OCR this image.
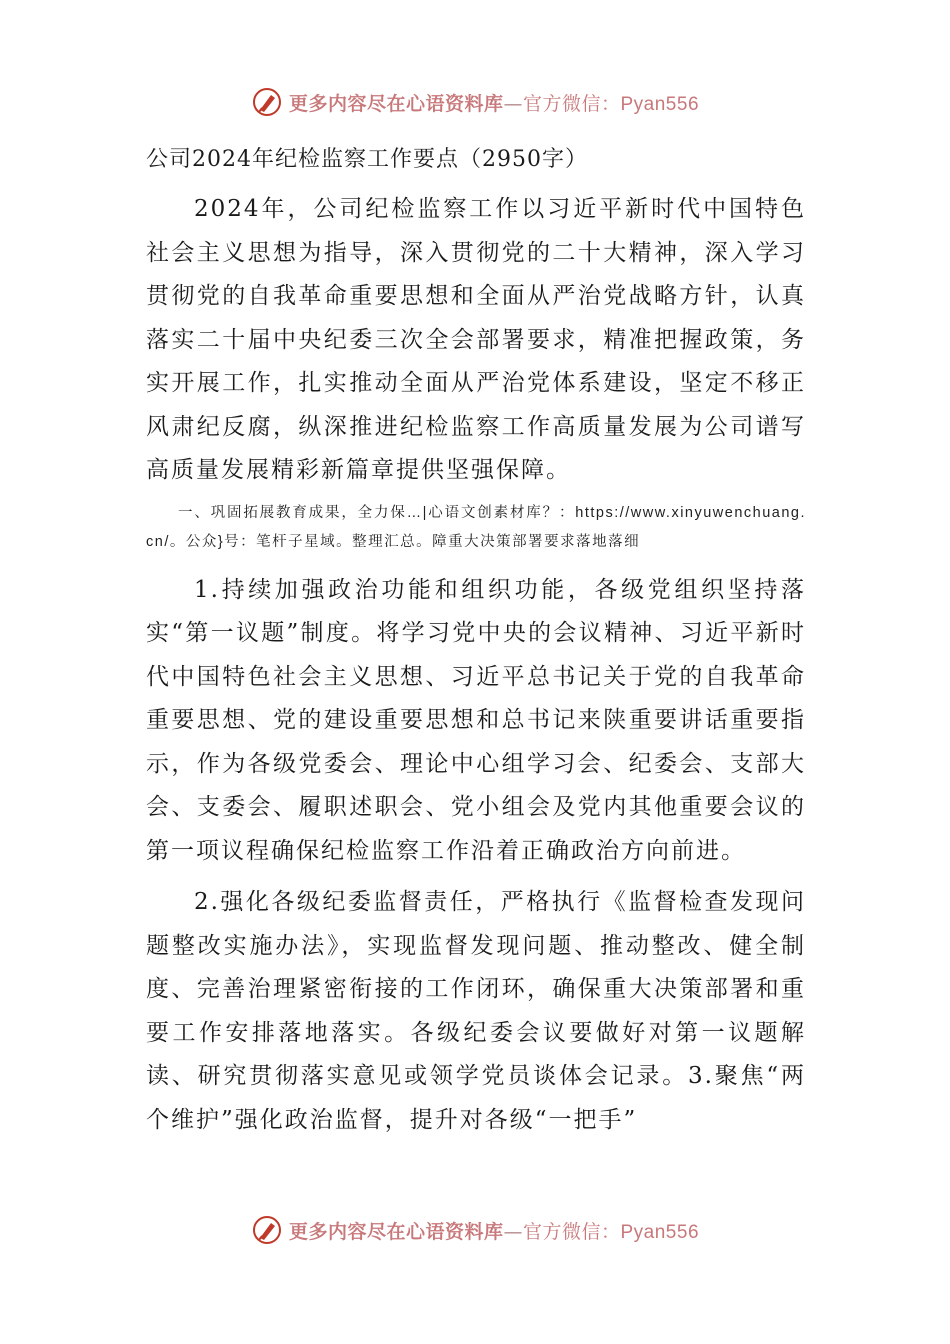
更多内容尽在心语资料库—官方微信：Pyan556
公司2024年纪检监察工作要点（2950字）

2024年，公司纪检监察工作以习近平新时代中国特色社会主义思想为指导，深入贯彻党的二十大精神，深入学习贯彻党的自我革命重要思想和全面从严治党战略方针，认真落实二十届中央纪委三次全会部署要求，精准把握政策，务实开展工作，扎实推动全面从严治党体系建设，坚定不移正风肃纪反腐，纵深推进纪检监察工作高质量发展为公司谱写高质量发展精彩新篇章提供坚强保障。

一、巩固拓展教育成果，全力保…|心语文创素材库？：https://www.xinyuwenchuang.cn/。公众}号：笔杆子星域。整理汇总。障重大决策部署要求落地落细

1.持续加强政治功能和组织功能，各级党组织坚持落实“第一议题”制度。将学习党中央的会议精神、习近平新时代中国特色社会主义思想、习近平总书记关于党的自我革命重要思想、党的建设重要思想和总书记来陕重要讲话重要指示，作为各级党委会、理论中心组学习会、纪委会、支部大会、支委会、履职述职会、党小组会及党内其他重要会议的第一项议程确保纪检监察工作沿着正确政治方向前进。

2.强化各级纪委监督责任，严格执行《监督检查发现问题整改实施办法》，实现监督发现问题、推动整改、健全制度、完善治理紧密衔接的工作闭环，确保重大决策部署和重要工作安排落地落实。各级纪委会议要做好对第一议题解读、研究贯彻落实意见或领学党员谈体会记录。3.聚焦“两个维护”强化政治监督，提升对各级“一把手”

更多内容尽在心语资料库—官方微信：Pyan556
